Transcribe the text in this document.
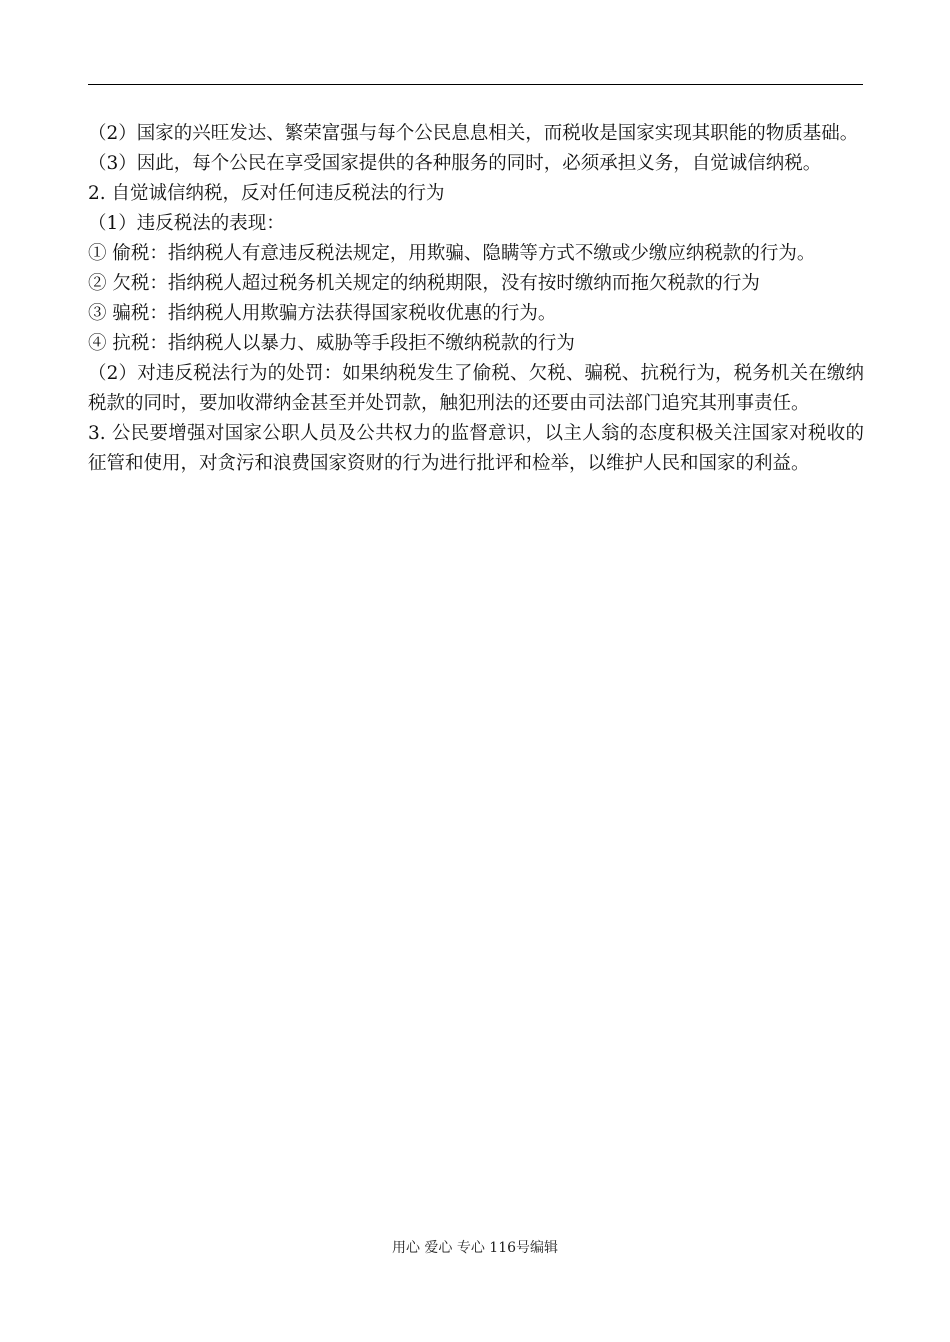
（2）国家的兴旺发达、繁荣富强与每个公民息息相关，而税收是国家实现其职能的物质基础。

（3）因此，每个公民在享受国家提供的各种服务的同时，必须承担义务，自觉诚信纳税。

2. 自觉诚信纳税，反对任何违反税法的行为

（1）违反税法的表现：

① 偷税：指纳税人有意违反税法规定，用欺骗、隐瞒等方式不缴或少缴应纳税款的行为。

② 欠税：指纳税人超过税务机关规定的纳税期限，没有按时缴纳而拖欠税款的行为

③ 骗税：指纳税人用欺骗方法获得国家税收优惠的行为。

④ 抗税：指纳税人以暴力、威胁等手段拒不缴纳税款的行为

（2）对违反税法行为的处罚：如果纳税发生了偷税、欠税、骗税、抗税行为，税务机关在缴纳税款的同时，要加收滞纳金甚至并处罚款，触犯刑法的还要由司法部门追究其刑事责任。

3. 公民要增强对国家公职人员及公共权力的监督意识，以主人翁的态度积极关注国家对税收的征管和使用，对贪污和浪费国家资财的行为进行批评和检举，以维护人民和国家的利益。

用心 爱心 专心 116号编辑
